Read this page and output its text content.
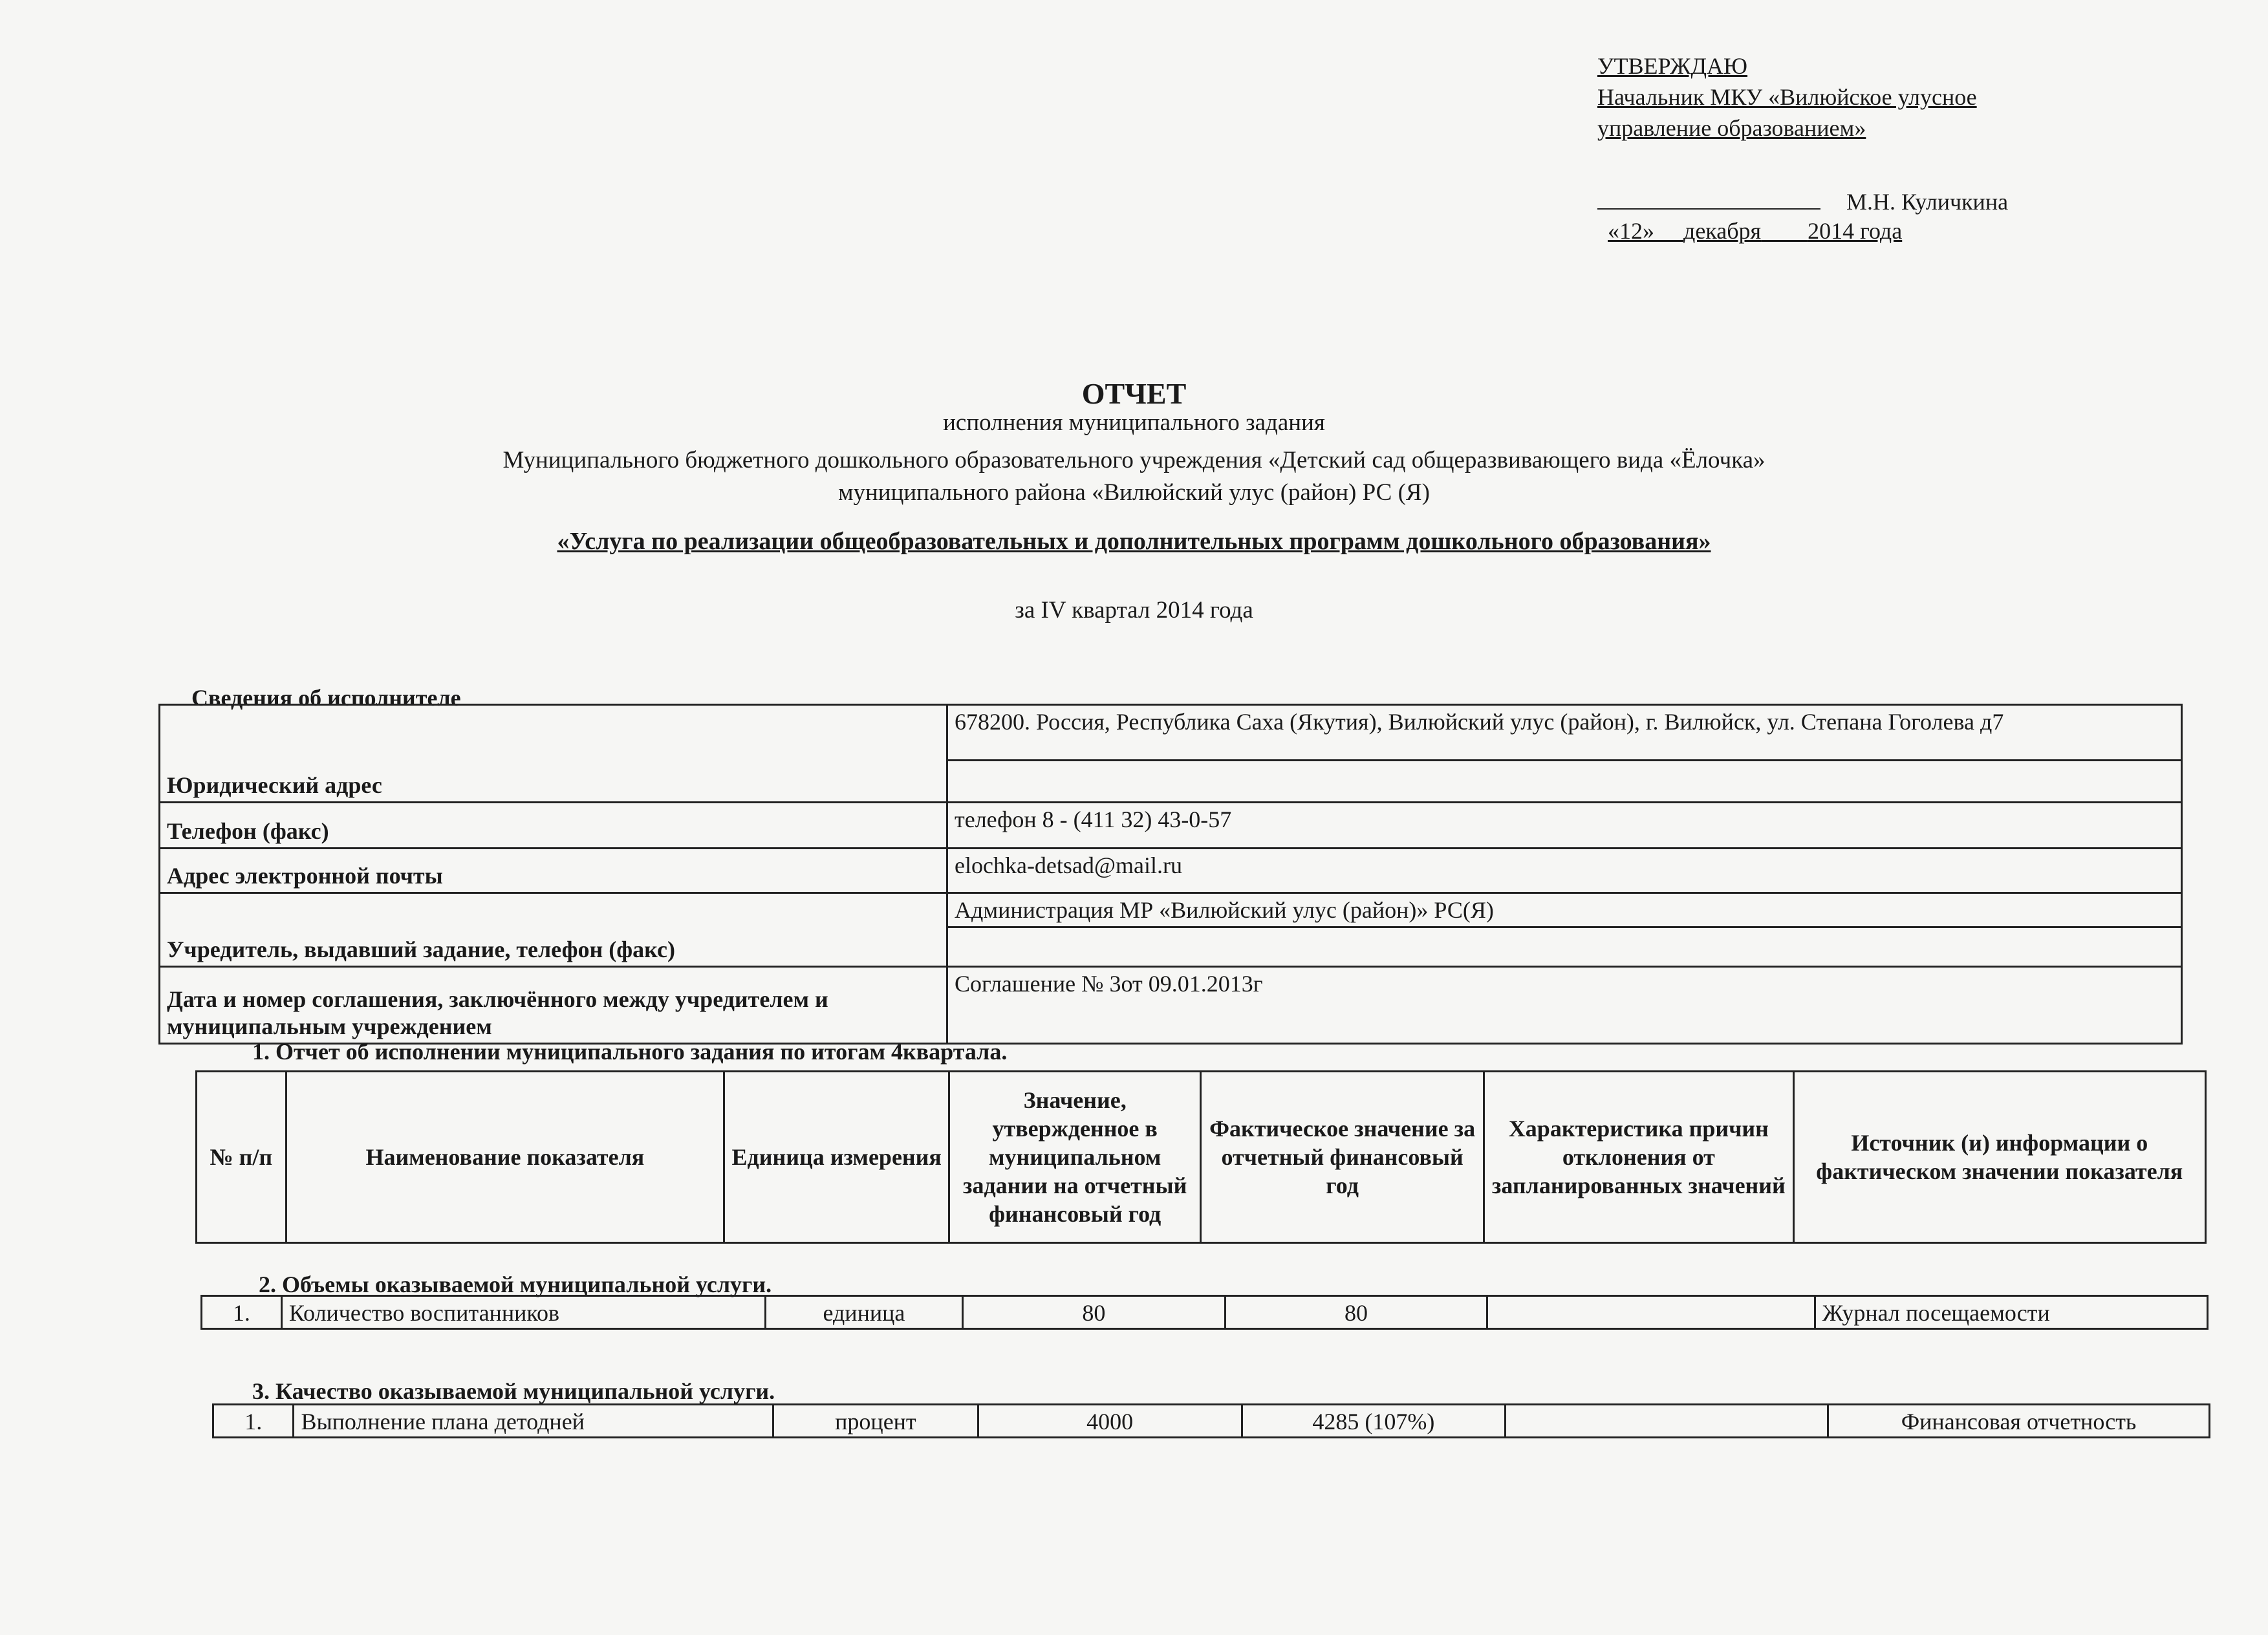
УТВЕРЖДАЮ
Начальник МКУ «Вилюйское улусное
управление образованием»
М.Н. Куличкина
«12» декабря 2014 года
ОТЧЕТ
исполнения муниципального задания
Муниципального бюджетного дошкольного образовательного учреждения «Детский сад общеразвивающего вида «Ёлочка»
муниципального района «Вилюйский улус (район) РС (Я)
«Услуга по реализации общеобразовательных и дополнительных программ дошкольного образования»
за IV квартал 2014 года
Сведения об исполнителе
Юридический адрес	678200. Россия, Республика Саха (Якутия), Вилюйский улус (район), г. Вилюйск, ул. Степана Гоголева д7

Телефон (факс)	телефон 8 - (411 32) 43-0-57
Адрес электронной почты	elochka-detsad@mail.ru
Учредитель, выдавший задание, телефон (факс)	Администрация МР «Вилюйский улус (район)» РС(Я)

Дата и номер соглашения, заключённого между учредителем и муниципальным учреждением	Соглашение № 3от 09.01.2013г
1. Отчет об исполнении муниципального задания по итогам 4квартала.
№ п/п	Наименование показателя	Единица измерения	Значение, утвержденное в муниципальном задании на отчетный финансовый год	Фактическое значение за отчетный финансовый год	Характеристика причин отклонения от запланированных значений	Источник (и) информации о фактическом значении показателя
2. Объемы оказываемой муниципальной услуги.
1.	Количество воспитанников	единица	80	80		Журнал посещаемости
3. Качество оказываемой муниципальной услуги.
1.	Выполнение плана детодней	процент	4000	4285 (107%)		Финансовая отчетность
